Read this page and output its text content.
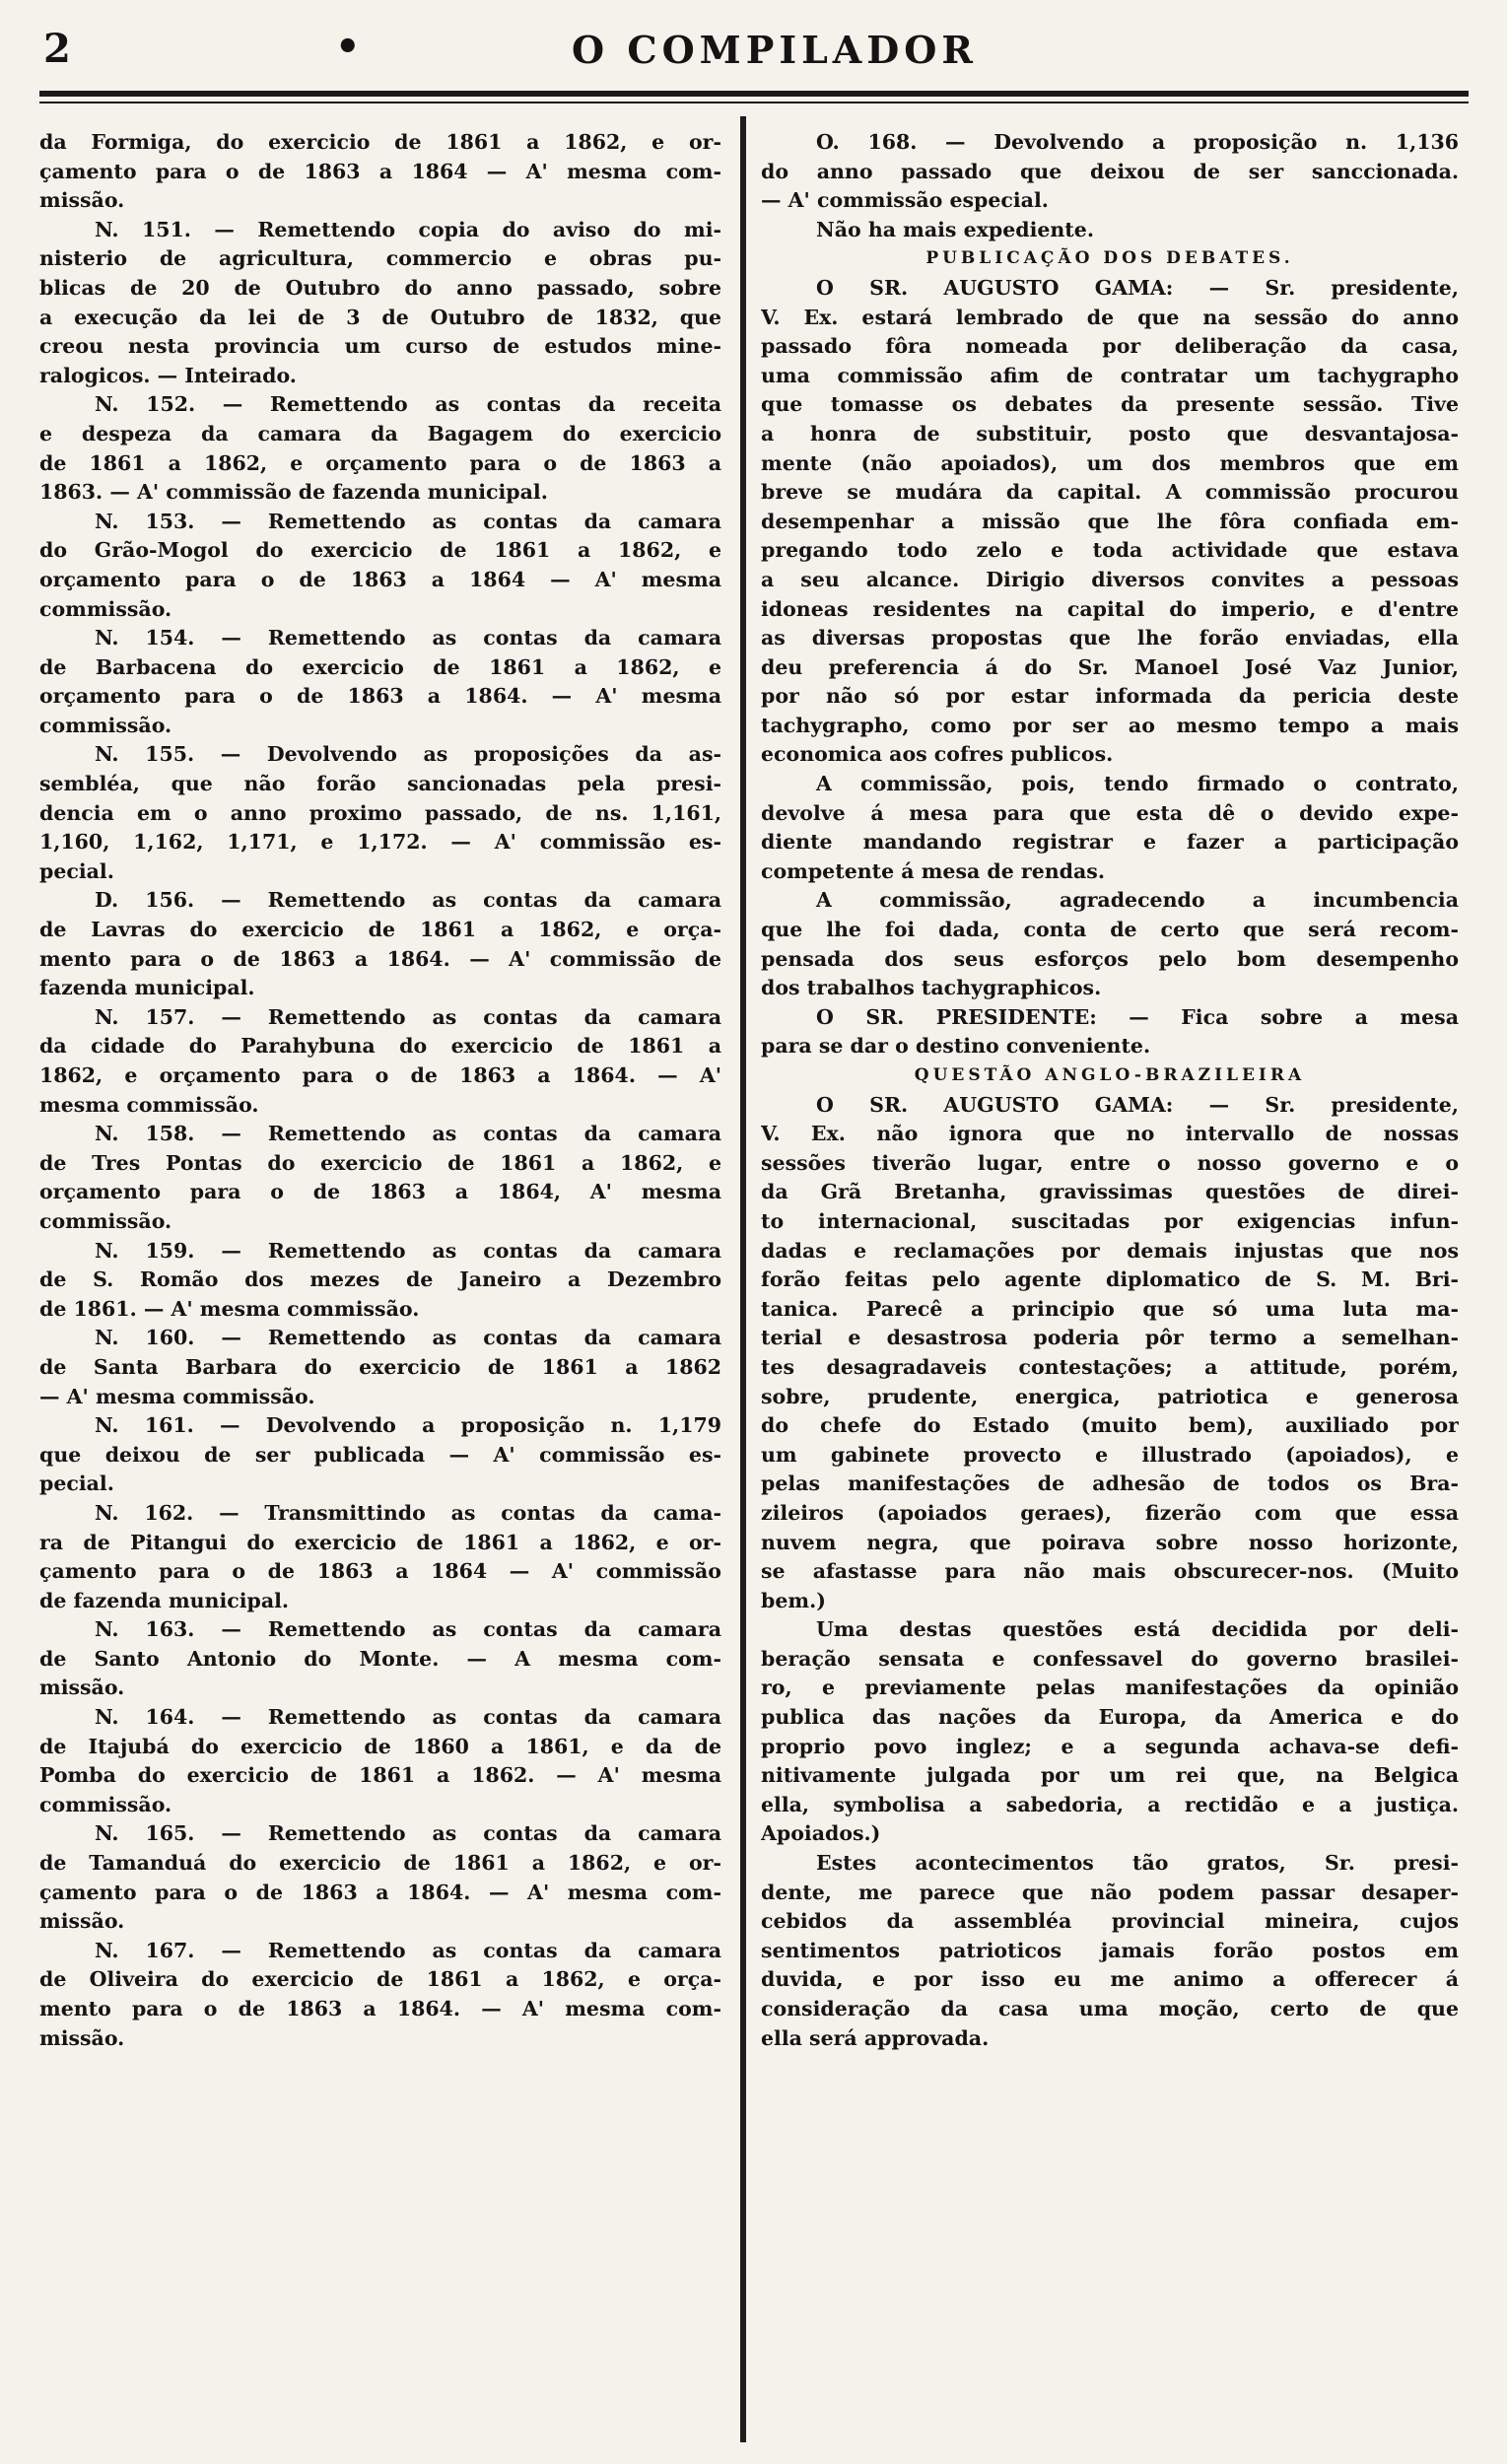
2	•	O COMPILADOR
da Formiga, do exercicio de 1861 a 1862, e or-
çamento para o de 1863 a 1864 — A' mesma com-
missão.
N. 151. — Remettendo copia do aviso do mi-
nisterio de agricultura, commercio e obras pu-
blicas de 20 de Outubro do anno passado, sobre
a execução da lei de 3 de Outubro de 1832, que
creou nesta provincia um curso de estudos mine-
ralogicos. — Inteirado.
N. 152. — Remettendo as contas da receita
e despeza da camara da Bagagem do exercicio
de 1861 a 1862, e orçamento para o de 1863 a
1863. — A' commissão de fazenda municipal.
N. 153. — Remettendo as contas da camara
do Grão-Mogol do exercicio de 1861 a 1862, e
orçamento para o de 1863 a 1864 — A' mesma
commissão.
N. 154. — Remettendo as contas da camara
de Barbacena do exercicio de 1861 a 1862, e
orçamento para o de 1863 a 1864. — A' mesma
commissão.
N. 155. — Devolvendo as proposições da as-
sembléa, que não forão sancionadas pela presi-
dencia em o anno proximo passado, de ns. 1,161,
1,160, 1,162, 1,171, e 1,172. — A' commissão es-
pecial.
D. 156. — Remettendo as contas da camara
de Lavras do exercicio de 1861 a 1862, e orça-
mento para o de 1863 a 1864. — A' commissão de
fazenda municipal.
N. 157. — Remettendo as contas da camara
da cidade do Parahybuna do exercicio de 1861 a
1862, e orçamento para o de 1863 a 1864. — A'
mesma commissão.
N. 158. — Remettendo as contas da camara
de Tres Pontas do exercicio de 1861 a 1862, e
orçamento para o de 1863 a 1864, A' mesma
commissão.
N. 159. — Remettendo as contas da camara
de S. Romão dos mezes de Janeiro a Dezembro
de 1861. — A' mesma commissão.
N. 160. — Remettendo as contas da camara
de Santa Barbara do exercicio de 1861 a 1862
— A' mesma commissão.
N. 161. — Devolvendo a proposição n. 1,179
que deixou de ser publicada — A' commissão es-
pecial.
N. 162. — Transmittindo as contas da cama-
ra de Pitangui do exercicio de 1861 a 1862, e or-
çamento para o de 1863 a 1864 — A' commissão
de fazenda municipal.
N. 163. — Remettendo as contas da camara
de Santo Antonio do Monte. — A mesma com-
missão.
N. 164. — Remettendo as contas da camara
de Itajubá do exercicio de 1860 a 1861, e da de
Pomba do exercicio de 1861 a 1862. — A' mesma
commissão.
N. 165. — Remettendo as contas da camara
de Tamanduá do exercicio de 1861 a 1862, e or-
çamento para o de 1863 a 1864. — A' mesma com-
missão.
N. 167. — Remettendo as contas da camara
de Oliveira do exercicio de 1861 a 1862, e orça-
mento para o de 1863 a 1864. — A' mesma com-
missão.
O. 168. — Devolvendo a proposição n. 1,136
do anno passado que deixou de ser sanccionada.
— A' commissão especial.
Não ha mais expediente.
PUBLICAÇÃO DOS DEBATES.
O SR. AUGUSTO GAMA: — Sr. presidente,
V. Ex. estará lembrado de que na sessão do anno
passado fôra nomeada por deliberação da casa,
uma commissão afim de contratar um tachygrapho
que tomasse os debates da presente sessão. Tive
a honra de substituir, posto que desvantajosa-
mente (não apoiados), um dos membros que em
breve se mudára da capital. A commissão procurou
desempenhar a missão que lhe fôra confiada em-
pregando todo zelo e toda actividade que estava
a seu alcance. Dirigio diversos convites a pessoas
idoneas residentes na capital do imperio, e d'entre
as diversas propostas que lhe forão enviadas, ella
deu preferencia á do Sr. Manoel José Vaz Junior,
por não só por estar informada da pericia deste
tachygrapho, como por ser ao mesmo tempo a mais
economica aos cofres publicos.
A commissão, pois, tendo firmado o contrato,
devolve á mesa para que esta dê o devido expe-
diente mandando registrar e fazer a participação
competente á mesa de rendas.
A commissão, agradecendo a incumbencia
que lhe foi dada, conta de certo que será recom-
pensada dos seus esforços pelo bom desempenho
dos trabalhos tachygraphicos.
O SR. PRESIDENTE: — Fica sobre a mesa
para se dar o destino conveniente.
QUESTÃO ANGLO-BRAZILEIRA
O SR. AUGUSTO GAMA: — Sr. presidente,
V. Ex. não ignora que no intervallo de nossas
sessões tiverão lugar, entre o nosso governo e o
da Grã Bretanha, gravissimas questões de direi-
to internacional, suscitadas por exigencias infun-
dadas e reclamações por demais injustas que nos
forão feitas pelo agente diplomatico de S. M. Bri-
tanica. Parecê a principio que só uma luta ma-
terial e desastrosa poderia pôr termo a semelhan-
tes desagradaveis contestações; a attitude, porém,
sobre, prudente, energica, patriotica e generosa
do chefe do Estado (muito bem), auxiliado por
um gabinete provecto e illustrado (apoiados), e
pelas manifestações de adhesão de todos os Bra-
zileiros (apoiados geraes), fizerão com que essa
nuvem negra, que poirava sobre nosso horizonte,
se afastasse para não mais obscurecer-nos. (Muito
bem.)
Uma destas questões está decidida por deli-
beração sensata e confessavel do governo brasilei-
ro, e previamente pelas manifestações da opinião
publica das nações da Europa, da America e do
proprio povo inglez; e a segunda achava-se defi-
nitivamente julgada por um rei que, na Belgica
ella, symbolisa a sabedoria, a rectidão e a justiça.
Apoiados.)
Estes acontecimentos tão gratos, Sr. presi-
dente, me parece que não podem passar desaper-
cebidos da assembléa provincial mineira, cujos
sentimentos patrioticos jamais forão postos em
duvida, e por isso eu me animo a offerecer á
consideração da casa uma moção, certo de que
ella será approvada.
